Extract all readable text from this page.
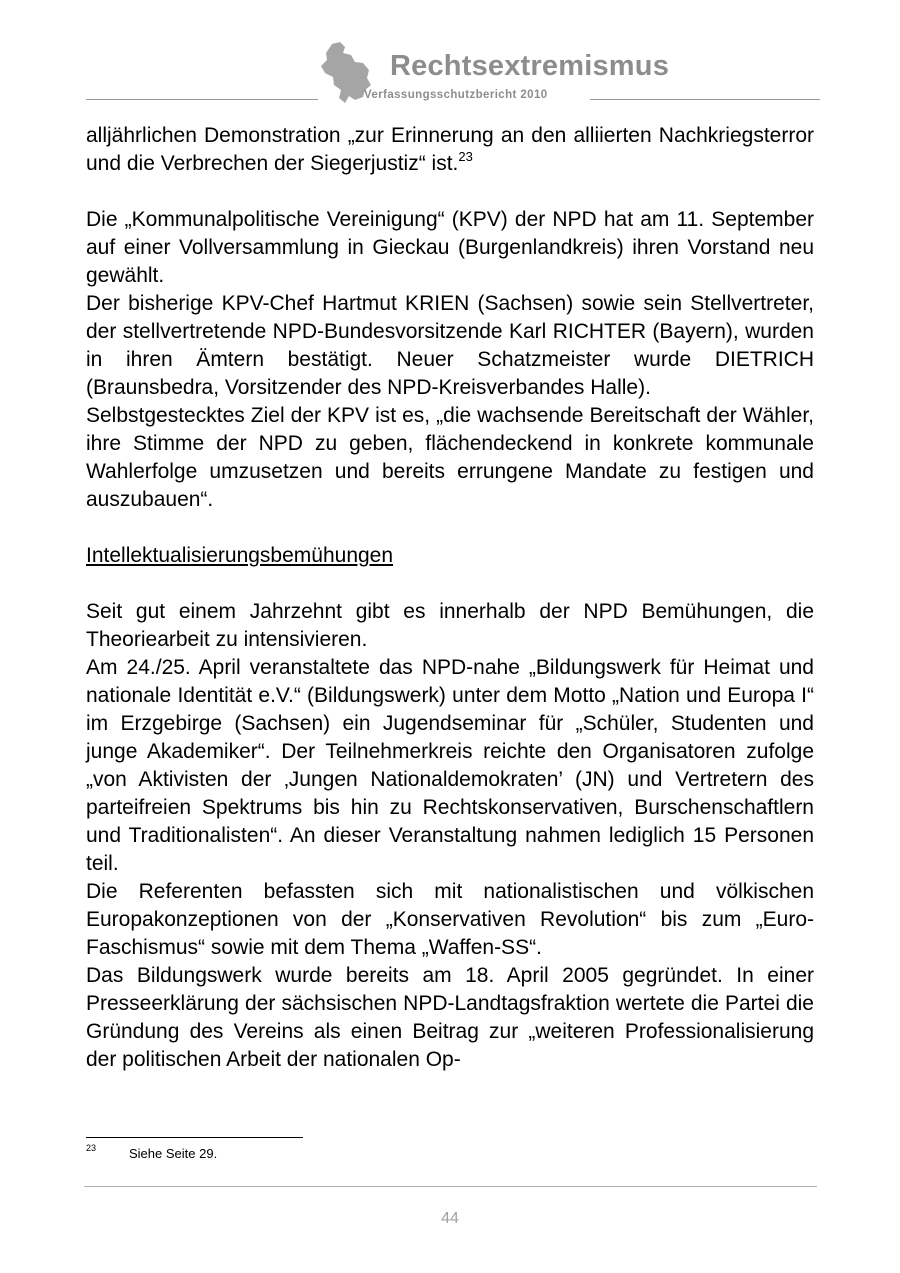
Rechtsextremismus
Verfassungsschutzbericht 2010

alljährlichen Demonstration „zur Erinnerung an den alliierten Nachkriegsterror und die Verbrechen der Siegerjustiz“ ist.$^{23}$

Die „Kommunalpolitische Vereinigung“ (KPV) der NPD hat am 11. September auf einer Vollversammlung in Gieckau (Burgenlandkreis) ihren Vorstand neu gewählt.

Der bisherige KPV-Chef Hartmut KRIEN (Sachsen) sowie sein Stellvertreter, der stellvertretende NPD-Bundesvorsitzende Karl RICHTER (Bayern), wurden in ihren Ämtern bestätigt. Neuer Schatzmeister wurde DIETRICH (Braunsbedra, Vorsitzender des NPD-Kreisverbandes Halle).

Selbstgestecktes Ziel der KPV ist es, „die wachsende Bereitschaft der Wähler, ihre Stimme der NPD zu geben, flächendeckend in konkrete kommunale Wahlerfolge umzusetzen und bereits errungene Mandate zu festigen und auszubauen“.

Intellektualisierungsbemühungen

Seit gut einem Jahrzehnt gibt es innerhalb der NPD Bemühungen, die Theoriearbeit zu intensivieren.

Am 24./25. April veranstaltete das NPD-nahe „Bildungswerk für Heimat und nationale Identität e.V.“ (Bildungswerk) unter dem Motto „Nation und Europa I“ im Erzgebirge (Sachsen) ein Jugendseminar für „Schüler, Studenten und junge Akademiker“. Der Teilnehmerkreis reichte den Organisatoren zufolge „von Aktivisten der ‚Jungen Nationaldemokraten’ (JN) und Vertretern des parteifreien Spektrums bis hin zu Rechtskonservativen, Burschenschaftlern und Traditionalisten“. An dieser Veranstaltung nahmen lediglich 15 Personen teil.

Die Referenten befassten sich mit nationalistischen und völkischen Europakonzeptionen von der „Konservativen Revolution“ bis zum „Euro-Faschismus“ sowie mit dem Thema „Waffen-SS“.

Das Bildungswerk wurde bereits am 18. April 2005 gegründet. In einer Presseerklärung der sächsischen NPD-Landtagsfraktion wertete die Partei die Gründung des Vereins als einen Beitrag zur „weiteren Professionalisierung der politischen Arbeit der nationalen Op-

23	Siehe Seite 29.
44
